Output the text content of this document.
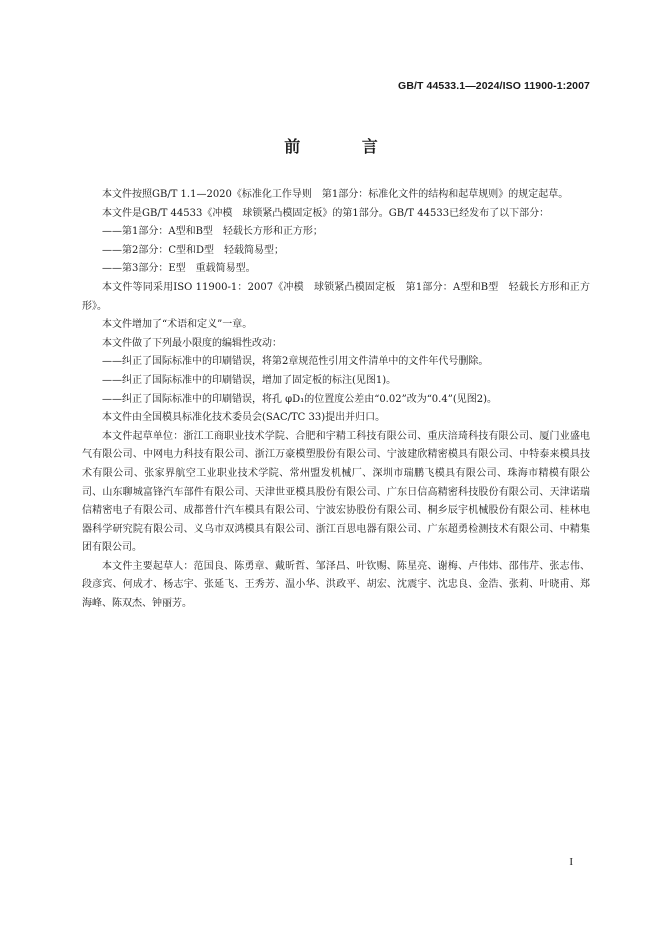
GB/T 44533.1—2024/ISO 11900-1:2007
前 言

本文件按照GB/T 1.1—2020《标准化工作导则　第1部分：标准化文件的结构和起草规则》的规定起草。

本文件是GB/T 44533《冲模　球锁紧凸模固定板》的第1部分。GB/T 44533已经发布了以下部分：

——第1部分：A型和B型　轻载长方形和正方形；

——第2部分：C型和D型　轻载简易型；

——第3部分：E型　重载简易型。

本文件等同采用ISO 11900-1：2007《冲模　球锁紧凸模固定板　第1部分：A型和B型　轻载长方形和正方形》。

本文件增加了“术语和定义”一章。

本文件做了下列最小限度的编辑性改动：

——纠正了国际标准中的印刷错误，将第2章规范性引用文件清单中的文件年代号删除。

——纠正了国际标准中的印刷错误，增加了固定板的标注(见图1)。

——纠正了国际标准中的印刷错误，将孔 φD₁的位置度公差由“0.02”改为“0.4”(见图2)。

本文件由全国模具标准化技术委员会(SAC/TC 33)提出并归口。

本文件起草单位：浙江工商职业技术学院、合肥和宇精工科技有限公司、重庆涪琦科技有限公司、厦门业盛电气有限公司、中网电力科技有限公司、浙江万豪模塑股份有限公司、宁波建欣精密模具有限公司、中特泰来模具技术有限公司、张家界航空工业职业技术学院、常州盟发机械厂、深圳市瑞鹏飞模具有限公司、珠海市精模有限公司、山东聊城富锋汽车部件有限公司、天津世亚模具股份有限公司、广东日信高精密科技股份有限公司、天津诺瑞信精密电子有限公司、成都普什汽车模具有限公司、宁波宏协股份有限公司、桐乡辰宇机械股份有限公司、桂林电器科学研究院有限公司、义乌市双鸿模具有限公司、浙江百思电器有限公司、广东超勇检测技术有限公司、中精集团有限公司。

本文件主要起草人：范国良、陈勇章、戴昕哲、邹泽昌、叶钦赐、陈星亮、谢梅、卢伟炜、邵伟芹、张志伟、段彦宾、何成才、杨志宇、张延飞、王秀芳、温小华、洪政平、胡宏、沈震宇、沈忠良、金浩、张莉、叶晓甫、郑海峰、陈双杰、钟丽芳。

I
